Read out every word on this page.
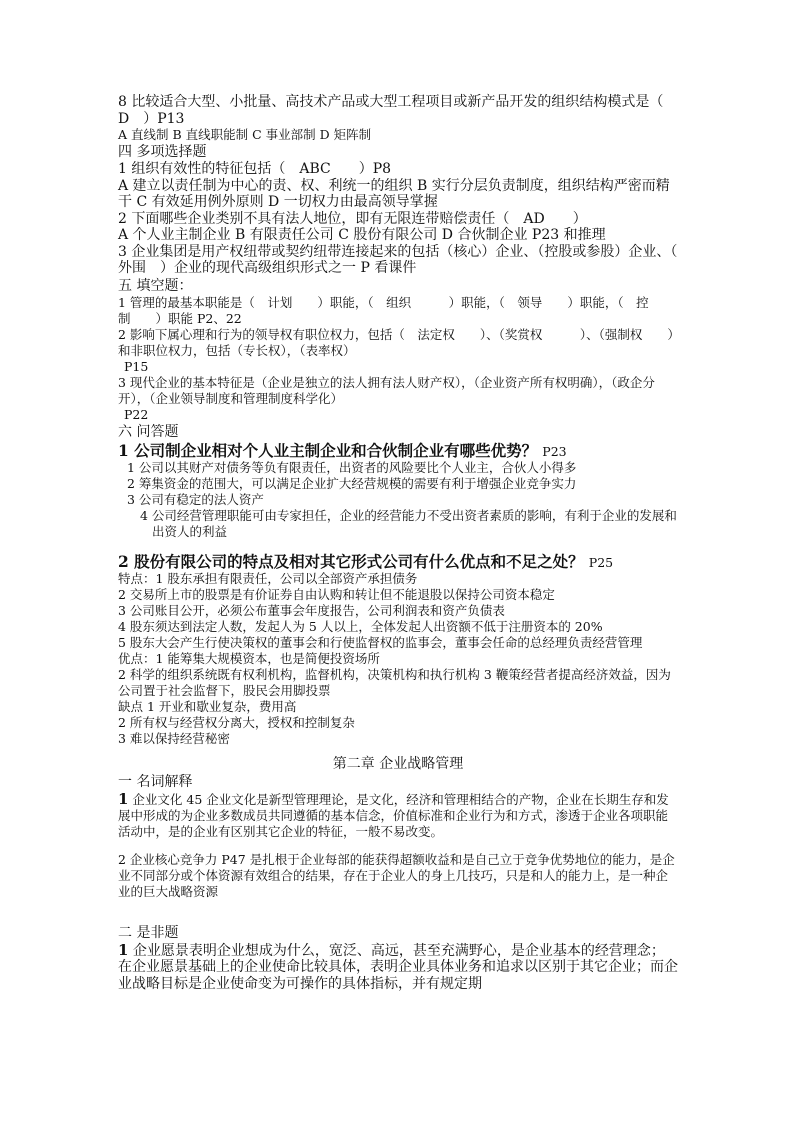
8 比较适合大型、小批量、高技术产品或大型工程项目或新产品开发的组织结构模式是（　D　）P13

A 直线制 B 直线职能制 C 事业部制 D 矩阵制

四 多项选择题

1 组织有效性的特征包括（　ABC　　）P8

A 建立以责任制为中心的责、权、利统一的组织 B 实行分层负责制度，组织结构严密而精干 C 有效延用例外原则 D 一切权力由最高领导掌握

2 下面哪些企业类别不具有法人地位，即有无限连带赔偿责任（　AD　　）

A 个人业主制企业 B 有限责任公司 C 股份有限公司 D 合伙制企业 P23 和推理

3 企业集团是用产权纽带或契约纽带连接起来的包括（核心）企业、（控股或参股）企业、（　外围　）企业的现代高级组织形式之一 P 看课件

五 填空题：

1 管理的最基本职能是（　计划　　）职能，（　组织　　　）职能，（　领导　　）职能，（　控制　　）职能 P2、22

2 影响下属心理和行为的领导权有职位权力，包括（　法定权　　）、（奖赏权　　　）、（强制权　　）和非职位权力，包括（专长权），（表率权）

P15

3 现代企业的基本特征是（企业是独立的法人拥有法人财产权），（企业资产所有权明确），（政企分开），（企业领导制度和管理制度科学化）

P22

六 问答题

1 公司制企业相对个人业主制企业和合伙制企业有哪些优势？ P23

1 公司以其财产对债务等负有限责任，出资者的风险要比个人业主，合伙人小得多

2 筹集资金的范围大，可以满足企业扩大经营规模的需要有利于增强企业竞争实力

3 公司有稳定的法人资产

4 公司经营管理职能可由专家担任，企业的经营能力不受出资者素质的影响，有利于企业的发展和出资人的利益

2 股份有限公司的特点及相对其它形式公司有什么优点和不足之处？ P25

特点：1 股东承担有限责任，公司以全部资产承担债务

2 交易所上市的股票是有价证券自由认购和转让但不能退股以保持公司资本稳定

3 公司账目公开，必须公布董事会年度报告，公司利润表和资产负债表

4 股东须达到法定人数，发起人为 5 人以上，全体发起人出资额不低于注册资本的 20%

5 股东大会产生行使决策权的董事会和行使监督权的监事会，董事会任命的总经理负责经营管理

优点：1 能筹集大规模资本，也是简便投资场所

2 科学的组织系统既有权利机构，监督机构，决策机构和执行机构 3 鞭策经营者提高经济效益，因为公司置于社会监督下，股民会用脚投票

缺点 1 开业和歇业复杂，费用高

2 所有权与经营权分离大，授权和控制复杂

3 难以保持经营秘密

第二章 企业战略管理

一 名词解释

1 企业文化 45 企业文化是新型管理理论，是文化，经济和管理相结合的产物，企业在长期生存和发展中形成的为企业多数成员共同遵循的基本信念，价值标准和企业行为和方式，渗透于企业各项职能活动中，是的企业有区别其它企业的特征，一般不易改变。

2 企业核心竞争力 P47 是扎根于企业每部的能获得超额收益和是自己立于竞争优势地位的能力，是企业不同部分或个体资源有效组合的结果，存在于企业人的身上几技巧，只是和人的能力上，是一种企业的巨大战略资源

二 是非题

1 企业愿景表明企业想成为什么，宽泛、高远，甚至充满野心，是企业基本的经营理念；在企业愿景基础上的企业使命比较具体，表明企业具体业务和追求以区别于其它企业；而企业战略目标是企业使命变为可操作的具体指标，并有规定期
